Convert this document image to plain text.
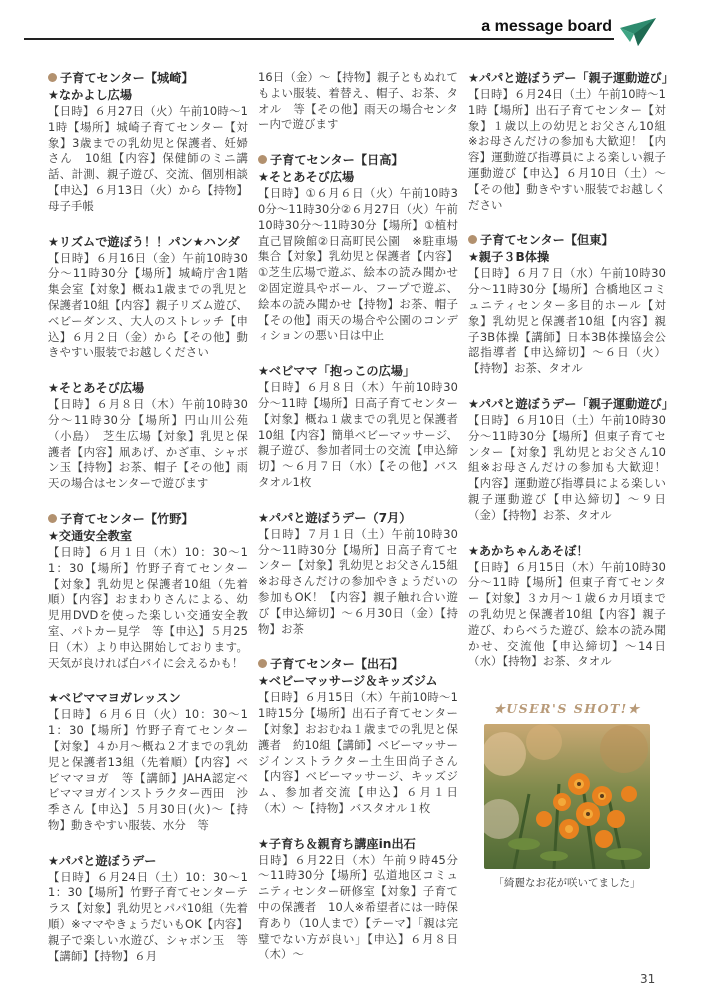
a message board
子育てセンター【城崎】
★なかよし広場
【日時】６月27日（火）午前10時～11時【場所】城崎子育てセンター【対象】3歳までの乳幼児と保護者、妊婦さん　10組【内容】保健師のミニ講話、計測、親子遊び、交流、個別相談【申込】６月13日（火）から【持物】母子手帳
★リズムで遊ぼう！！パン★ハンダ
【日時】６月16日（金）午前10時30分～11時30分【場所】城崎庁舎1階　集会室【対象】概ね1歳までの乳児と保護者10組【内容】親子リズム遊び、ベビーダンス、大人のストレッチ【申込】６月２日（金）から【その他】動きやすい服装でお越しください
★そとあそび広場
【日時】６月８日（木）午前10時30分～11時30分【場所】円山川公苑（小島）　芝生広場【対象】乳児と保護者【内容】凧あげ、かざ車、シャボン玉【持物】お茶、帽子【その他】雨天の場合はセンターで遊びます
子育てセンター【竹野】
★交通安全教室
【日時】６月１日（木）10：30～11：30【場所】竹野子育てセンター【対象】乳幼児と保護者10組（先着順）【内容】おまわりさんによる、幼児用DVDを使った楽しい交通安全教室、パトカー見学　等【申込】５月25日（木）より申込開始しております。天気が良ければ白バイに会えるかも！
★ベビママヨガレッスン
【日時】６月６日（火）10：30～11：30【場所】竹野子育てセンター【対象】４か月～概ね２才までの乳幼児と保護者13組（先着順）【内容】ベビママヨガ　等【講師】JAHA認定ベビママヨガインストラクター西田　沙季さん【申込】５月30日(火)～【持物】動きやすい服装、水分　等
★パパと遊ぼうデー
【日時】６月24日（土）10：30～11：30【場所】竹野子育てセンターテラス【対象】乳幼児とパパ10組（先着順）※ママやきょうだいもOK【内容】親子で楽しい水遊び、シャボン玉　等【講師】【持物】６月
16日（金）～【持物】親子ともぬれてもよい服装、着替え、帽子、お茶、タオル　等【その他】雨天の場合センター内で遊びます
子育てセンター【日高】
★そとあそび広場
【日時】①６月６日（火）午前10時30分～11時30分②６月27日（火）午前10時30分～11時30分【場所】①植村直己冒険館②日高町民公園　※駐車場集合【対象】乳幼児と保護者【内容】①芝生広場で遊ぶ、絵本の読み聞かせ②固定遊具やボール、フープで遊ぶ、絵本の読み聞かせ【持物】お茶、帽子【その他】雨天の場合や公園のコンディションの悪い日は中止
★ベビママ「抱っこの広場」
【日時】６月８日（木）午前10時30分～11時【場所】日高子育てセンター【対象】概ね１歳までの乳児と保護者10組【内容】簡単ベビーマッサージ、親子遊び、参加者同士の交流【申込締切】～６月７日（水）【その他】バスタオル1枚
★パパと遊ぼうデー（7月）
【日時】７月１日（土）午前10時30分～11時30分【場所】日高子育てセンター【対象】乳幼児とお父さん15組※お母さんだけの参加やきょうだいの参加もOK！【内容】親子触れ合い遊び【申込締切】～６月30日（金）【持物】お茶
子育てセンター【出石】
★ベビーマッサージ＆キッズジム
【日時】６月15日（木）午前10時～11時15分【場所】出石子育てセンター【対象】おおむね１歳までの乳児と保護者　約10組【講師】ベビーマッサージインストラクター土生田尚子さん【内容】ベビーマッサージ、キッズジム、参加者交流【申込】６月１日（木）～【持物】バスタオル１枚
★子育ち＆親育ち講座in出石
日時】６月22日（木）午前９時45分～11時30分【場所】弘道地区コミュニティセンター研修室【対象】子育て中の保護者　10人※希望者には一時保育あり（10人まで）【テーマ】「親は完璧でない方が良い」【申込】６月８日（木）～
★パパと遊ぼうデー「親子運動遊び」
【日時】６月24日（土）午前10時～11時【場所】出石子育てセンター【対象】１歳以上の幼児とお父さん10組　※お母さんだけの参加も大歓迎！【内容】運動遊び指導員による楽しい親子運動遊び【申込】６月10日（土）～【その他】動きやすい服装でお越しください
子育てセンター【但東】
★親子３B体操
【日時】６月７日（水）午前10時30分～11時30分【場所】合橋地区コミュニティセンター多目的ホール【対象】乳幼児と保護者10組【内容】親子3B体操【講師】日本3B体操協会公認指導者【申込締切】～６日（火）【持物】お茶、タオル
★パパと遊ぼうデー「親子運動遊び」
【日時】６月10日（土）午前10時30分～11時30分【場所】但東子育てセンター【対象】乳幼児とお父さん10組※お母さんだけの参加も大歓迎！【内容】運動遊び指導員による楽しい親子運動遊び【申込締切】～９日（金）【持物】お茶、タオル
★あかちゃんあそぼ！
【日時】６月15日（木）午前10時30分～11時【場所】但東子育てセンター【対象】３カ月～１歳６カ月頃までの乳幼児と保護者10組【内容】親子遊び、わらべうた遊び、絵本の読み聞かせ、交流他【申込締切】～14日（水）【持物】お茶、タオル
★USER'S SHOT!★
「綺麗なお花が咲いてました」
31
